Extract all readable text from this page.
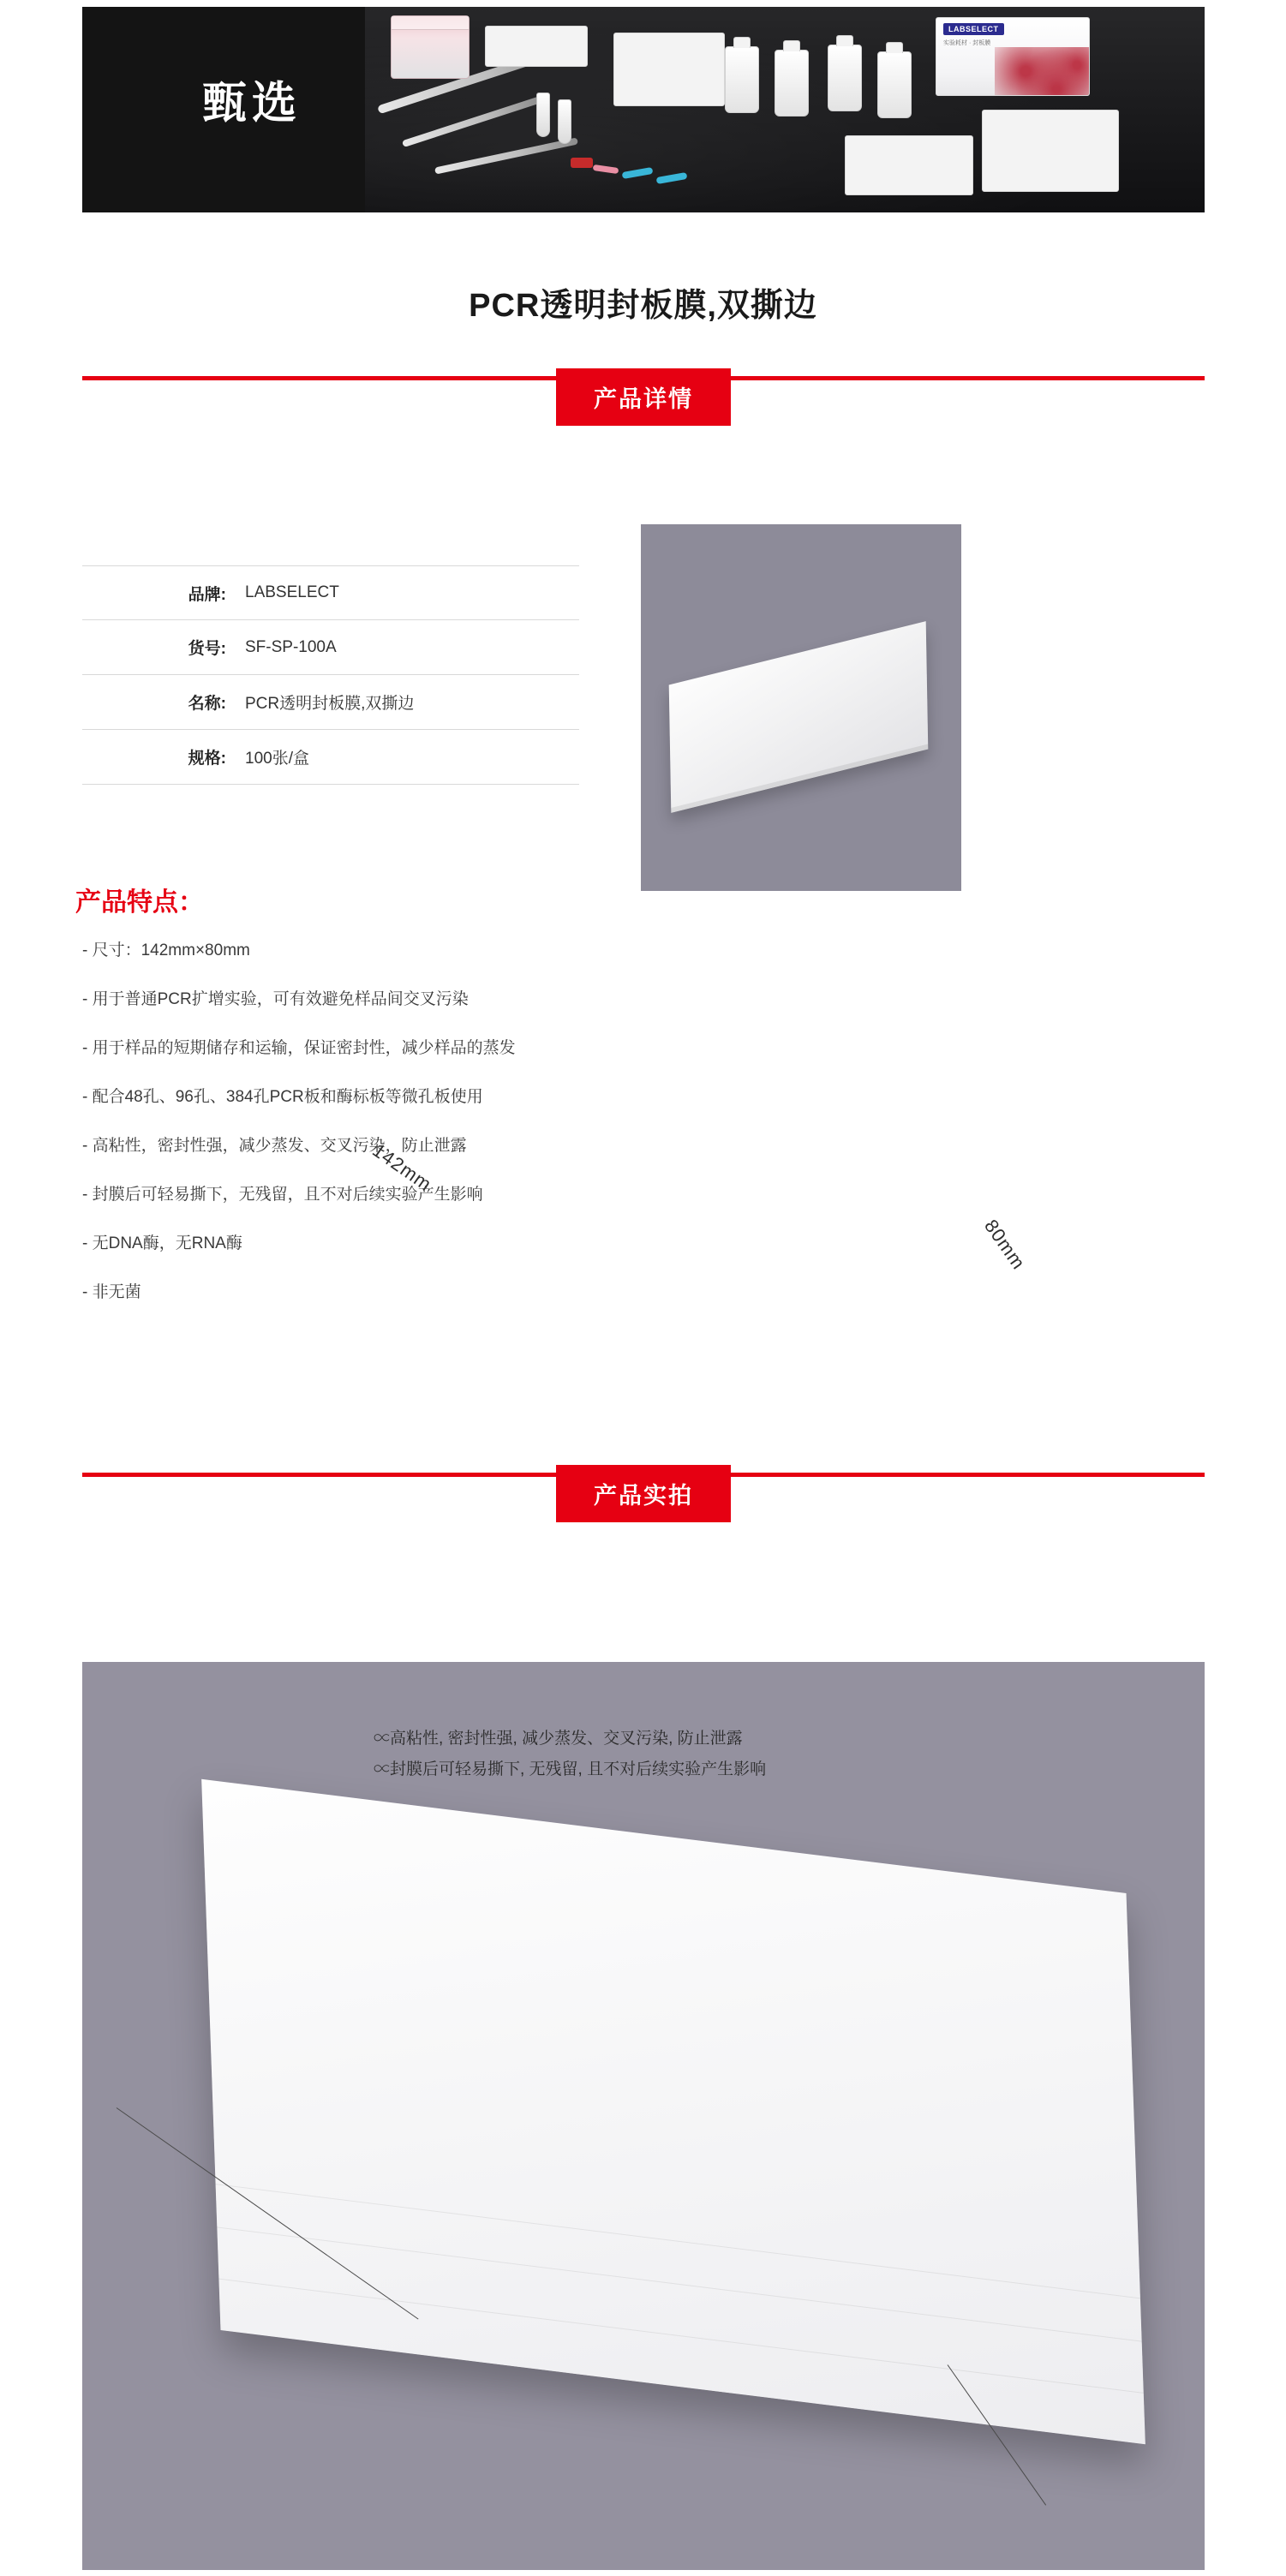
LABSELECT
实验耗材 · 封板膜
甄选
PCR透明封板膜,双撕边
产品详情
品牌:	LABSELECT
货号:	SF-SP-100A
名称:	PCR透明封板膜,双撕边
规格:	100张/盒
产品特点：
- 尺寸：142mm×80mm
- 用于普通PCR扩增实验，可有效避免样品间交叉污染
- 用于样品的短期储存和运输，保证密封性，减少样品的蒸发
- 配合48孔、96孔、384孔PCR板和酶标板等微孔板使用
- 高粘性，密封性强，减少蒸发、交叉污染，防止泄露
- 封膜后可轻易撕下，无残留，且不对后续实验产生影响
- 无DNA酶，无RNA酶
- 非无菌
产品实拍
∝高粘性, 密封性强, 减少蒸发、交叉污染, 防止泄露
∝封膜后可轻易撕下, 无残留, 且不对后续实验产生影响
142mm
80mm
